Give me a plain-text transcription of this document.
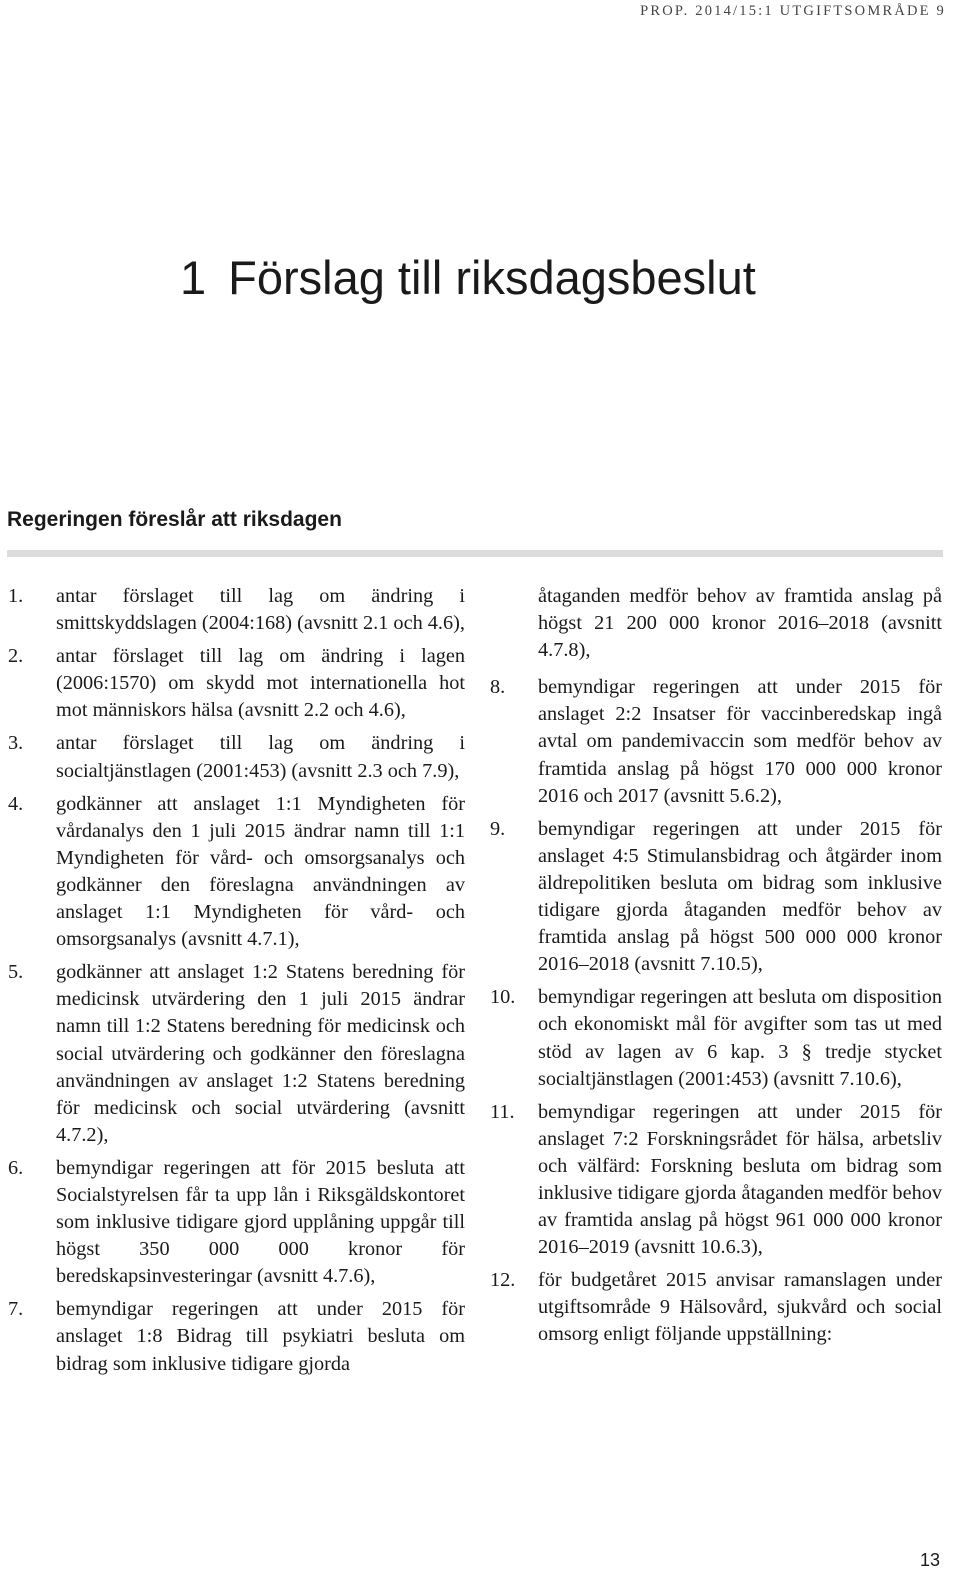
PROP. 2014/15:1 UTGIFTSOMRÅDE 9
1 Förslag till riksdagsbeslut
Regeringen föreslår att riksdagen
1. antar förslaget till lag om ändring i smittskyddslagen (2004:168) (avsnitt 2.1 och 4.6),
2. antar förslaget till lag om ändring i lagen (2006:1570) om skydd mot internationella hot mot människors hälsa (avsnitt 2.2 och 4.6),
3. antar förslaget till lag om ändring i socialtjänstlagen (2001:453) (avsnitt 2.3 och 7.9),
4. godkänner att anslaget 1:1 Myndigheten för vårdanalys den 1 juli 2015 ändrar namn till 1:1 Myndigheten för vård- och omsorgsanalys och godkänner den föreslagna användningen av anslaget 1:1 Myndigheten för vård- och omsorgsanalys (avsnitt 4.7.1),
5. godkänner att anslaget 1:2 Statens beredning för medicinsk utvärdering den 1 juli 2015 ändrar namn till 1:2 Statens beredning för medicinsk och social utvärdering och godkänner den föreslagna användningen av anslaget 1:2 Statens beredning för medicinsk och social utvärdering (avsnitt 4.7.2),
6. bemyndigar regeringen att för 2015 besluta att Socialstyrelsen får ta upp lån i Riksgäldskontoret som inklusive tidigare gjord upplåning uppgår till högst 350 000 000 kronor för beredskapsinvesteringar (avsnitt 4.7.6),
7. bemyndigar regeringen att under 2015 för anslaget 1:8 Bidrag till psykiatri besluta om bidrag som inklusive tidigare gjorda
åtaganden medför behov av framtida anslag på högst 21 200 000 kronor 2016–2018 (avsnitt 4.7.8),
8. bemyndigar regeringen att under 2015 för anslaget 2:2 Insatser för vaccinberedskap ingå avtal om pandemivaccin som medför behov av framtida anslag på högst 170 000 000 kronor 2016 och 2017 (avsnitt 5.6.2),
9. bemyndigar regeringen att under 2015 för anslaget 4:5 Stimulansbidrag och åtgärder inom äldrepolitiken besluta om bidrag som inklusive tidigare gjorda åtaganden medför behov av framtida anslag på högst 500 000 000 kronor 2016–2018 (avsnitt 7.10.5),
10. bemyndigar regeringen att besluta om disposition och ekonomiskt mål för avgifter som tas ut med stöd av lagen av 6 kap. 3 § tredje stycket socialtjänstlagen (2001:453) (avsnitt 7.10.6),
11. bemyndigar regeringen att under 2015 för anslaget 7:2 Forskningsrådet för hälsa, arbetsliv och välfärd: Forskning besluta om bidrag som inklusive tidigare gjorda åtaganden medför behov av framtida anslag på högst 961 000 000 kronor 2016–2019 (avsnitt 10.6.3),
12. för budgetåret 2015 anvisar ramanslagen under utgiftsområde 9 Hälsovård, sjukvård och social omsorg enligt följande uppställning:
13
